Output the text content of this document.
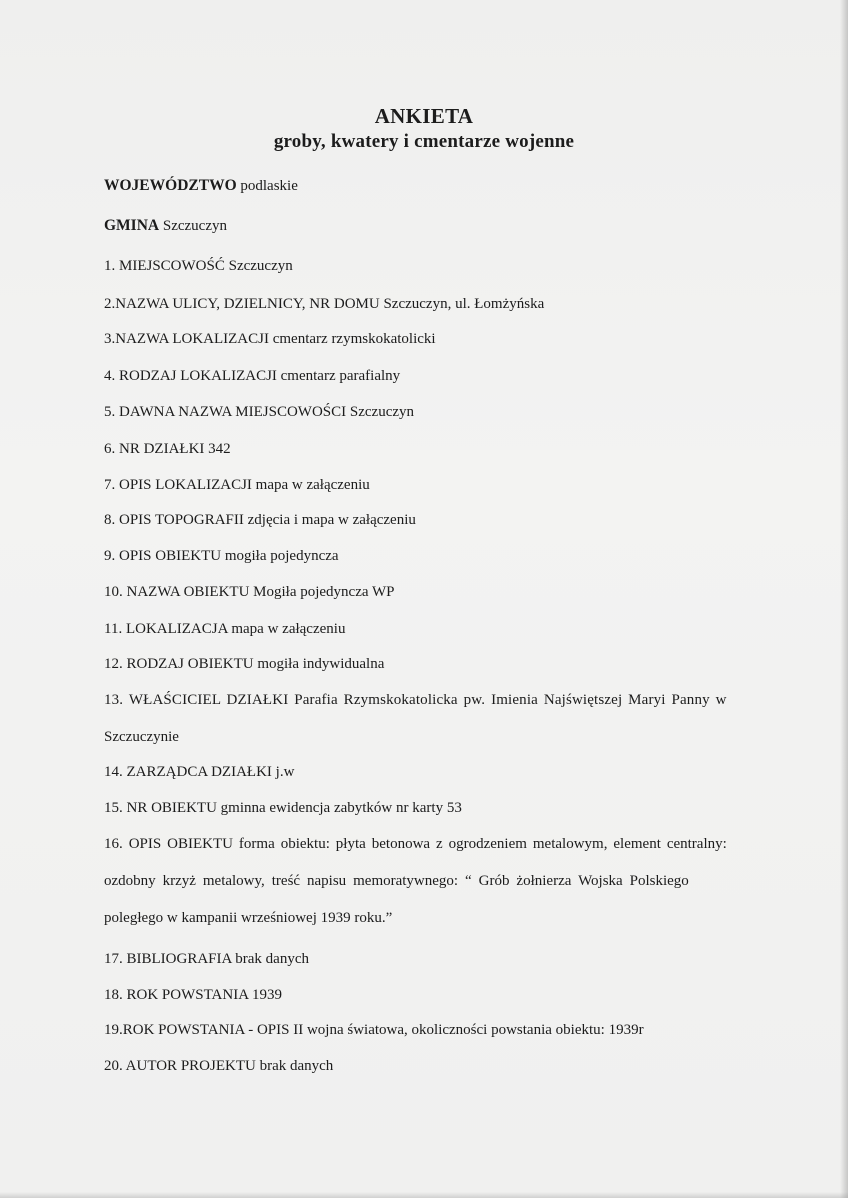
ANKIETA
groby, kwatery i cmentarze wojenne
WOJEWÓDZTWO podlaskie
GMINA Szczuczyn
1. MIEJSCOWOŚĆ Szczuczyn
2.NAZWA ULICY, DZIELNICY, NR DOMU Szczuczyn, ul. Łomżyńska
3.NAZWA LOKALIZACJI cmentarz rzymskokatolicki
4. RODZAJ LOKALIZACJI cmentarz parafialny
5. DAWNA NAZWA MIEJSCOWOŚCI Szczuczyn
6. NR DZIAŁKI 342
7. OPIS LOKALIZACJI mapa w załączeniu
8. OPIS TOPOGRAFII zdjęcia i mapa w załączeniu
9. OPIS OBIEKTU mogiła pojedyncza
10. NAZWA OBIEKTU Mogiła pojedyncza WP
11. LOKALIZACJA mapa w załączeniu
12. RODZAJ OBIEKTU mogiła indywidualna
13. WŁAŚCICIEL DZIAŁKI Parafia Rzymskokatolicka pw. Imienia Najświętszej Maryi Panny w
Szczuczynie
14. ZARZĄDCA DZIAŁKI j.w
15. NR OBIEKTU gminna ewidencja zabytków nr karty 53
16. OPIS OBIEKTU forma obiektu: płyta betonowa z ogrodzeniem metalowym, element centralny:
ozdobny krzyż metalowy, treść napisu memoratywnego: “ Grób żołnierza Wojska Polskiego
poległego w kampanii wrześniowej 1939 roku.”
17. BIBLIOGRAFIA brak danych
18. ROK POWSTANIA 1939
19.ROK POWSTANIA - OPIS II wojna światowa, okoliczności powstania obiektu: 1939r
20. AUTOR PROJEKTU brak danych
